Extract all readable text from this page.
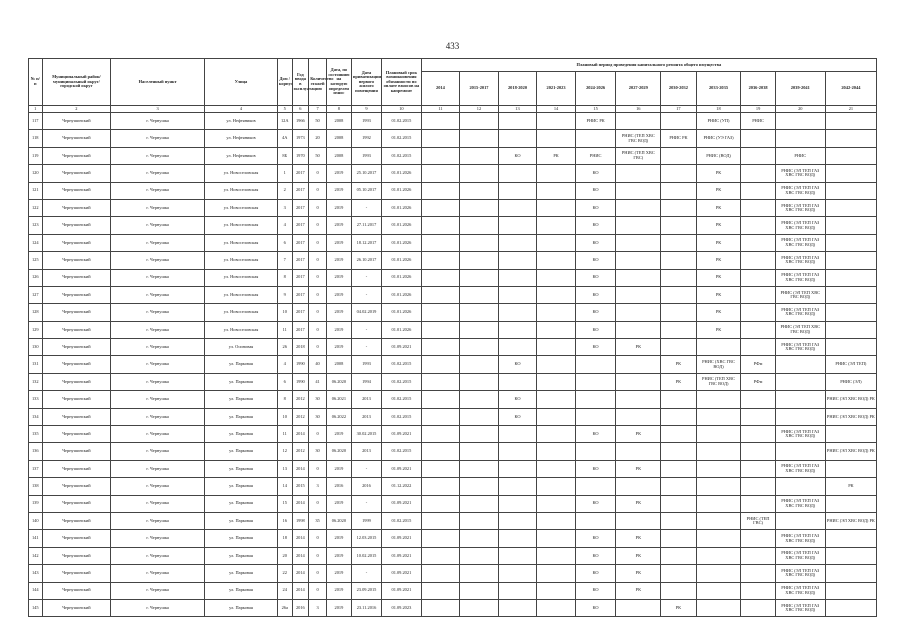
433
№ п/п	Муниципальный район/ муниципальный округ/городской округ	Населенный пункт	Улица	Дом / корпус	Год ввода в эксплуатацию	Количество этажей	Дата, по состоянию на которую определен износ	Дата приватизации первого жилого помещения	Плановый срок возникновения обязанности по оплате взносов на капремонт	Плановый период проведения капитального ремонта общего имущества										
										2014	2015-2017	2018-2020	2021-2023	2024-2026	2027-2029	2030-2032	2033-2035	2036-2038	2039-2041	2042-2044
1	2	3	4	5	6	7	8	9	10	11	12	13	14	15	16	17	18	19	20	21
117	Чернушинский	г. Чернушка	ул. Нефтяников	12А	1966	50	2008	1993	01.02.2015					РНИС РК			РНИС (УП)	РНИС		
118	Чернушинский	г. Чернушка	ул. Нефтяников	4А	1973	20	2008	1992	01.02.2015						РНИС (ТЕП ХВС ГВС ВОД)	РНИС РК	РНИС (УЭ ГАЗ)			
119	Чернушинский	г. Чернушка	ул. Нефтяников	8Б	1970	50	2008	1993	01.02.2015			КО	РК	РНИС	РНИС (ТЕП ХВС ГВС)		РНИС (ВОД)		РНИС	
120	Чернушинский	г. Чернушка	ул. Новоселовская	1	2017	0	2019	25.10.2017	01.01.2026					КО			РК		РНИС (ЭЛ ТЕП ГАЗ ХВС ГВС ВОД)	
121	Чернушинский	г. Чернушка	ул. Новоселовская	2	2017	0	2019	05.10.2017	01.01.2026					КО			РК		РНИС (ЭЛ ТЕП ГАЗ ХВС ГВС ВОД)	
122	Чернушинский	г. Чернушка	ул. Новоселовская	3	2017	0	2019	-	01.01.2026					КО			РК		РНИС (ЭЛ ТЕП ГАЗ ХВС ГВС ВОД)	
123	Чернушинский	г. Чернушка	ул. Новоселовская	4	2017	0	2019	27.11.2017	01.01.2026					КО			РК		РНИС (ЭЛ ТЕП ГАЗ ХВС ГВС ВОД)	
124	Чернушинский	г. Чернушка	ул. Новоселовская	6	2017	0	2019	18.12.2017	01.01.2026					КО			РК		РНИС (ЭЛ ТЕП ГАЗ ХВС ГВС ВОД)	
125	Чернушинский	г. Чернушка	ул. Новоселовская	7	2017	0	2019	26.10.2017	01.01.2026					КО			РК		РНИС (ЭЛ ТЕП ГАЗ ХВС ГВС ВОД)	
126	Чернушинский	г. Чернушка	ул. Новоселовская	8	2017	0	2019	-	01.01.2026					КО			РК		РНИС (ЭЛ ТЕП ГАЗ ХВС ГВС ВОД)	
127	Чернушинский	г. Чернушка	ул. Новоселовская	9	2017	0	2019	-	01.01.2026					КО			РК		РНИС (ЭЛ ТЕП ХВС ГВС ВОД)	
128	Чернушинский	г. Чернушка	ул. Новоселовская	10	2017	0	2019	04.02.2019	01.01.2026					КО			РК		РНИС (ЭЛ ТЕП ГАЗ ХВС ГВС ВОД)	
129	Чернушинский	г. Чернушка	ул. Новоселовская	11	2017	0	2019	-	01.01.2026					КО			РК		РНИС (ЭЛ ТЕП ХВС ГВС ВОД)	
130	Чернушинский	г. Чернушка	ул. Осиновая	26	2018	0	2019	-	01.09.2021					КО	РК				РНИС (ЭЛ ТЕП ГАЗ ХВС ГВС ВОД)	
131	Чернушинский	г. Чернушка	ул. Парковая	4	1990	40	2008	1993	01.02.2015			КО				РК	РНИС (ХВС ГВС ВОД)	РФм		РНИС (ЭЛ ТЕП)
132	Чернушинский	г. Чернушка	ул. Парковая	6	1990	41	06.2020	1994	01.02.2015							РК	РНИС (ТЕП ХВС ГВС ВОД)	РФм		РНИС (ЭЛ)
133	Чернушинский	г. Чернушка	ул. Парковая	8	2012	30	06.2021	2013	01.02.2015			КО								РНИС (ЭЛ ХВС ВОД) РК
134	Чернушинский	г. Чернушка	ул. Парковая	10	2012	30	06.2022	2013	01.02.2015			КО								РНИС (ЭЛ ХВС ВОД) РК
135	Чернушинский	г. Чернушка	ул. Парковая	11	2014	0	2019	30.02.2015	01.09.2021					КО	РК				РНИС (ЭЛ ТЕП ГАЗ ХВС ГВС ВОД)	
136	Чернушинский	г. Чернушка	ул. Парковая	12	2012	30	06.2020	2013	01.02.2015											РНИС (ЭЛ ХВС ВОД) РК
137	Чернушинский	г. Чернушка	ул. Парковая	13	2014	0	2019	-	01.09.2021					КО	РК				РНИС (ЭЛ ТЕП ГАЗ ХВС ГВС ВОД)	
138	Чернушинский	г. Чернушка	ул. Парковая	14	2015	3	2016	2016	01.12.2022											РК
139	Чернушинский	г. Чернушка	ул. Парковая	15	2014	0	2019	-	01.09.2021					КО	РК				РНИС (ЭЛ ТЕП ГАЗ ХВС ГВС ВОД)	
140	Чернушинский	г. Чернушка	ул. Парковая	16	1998	35	06.2020	1999	01.02.2015									РНИС (ТЕП ГВС)		РНИС (ЭЛ ХВС ВОД) РК
141	Чернушинский	г. Чернушка	ул. Парковая	18	2014	0	2019	12.03.2015	01.09.2021					КО	РК				РНИС (ЭЛ ТЕП ГАЗ ХВС ГВС ВОД)	
142	Чернушинский	г. Чернушка	ул. Парковая	20	2014	0	2019	10.02.2015	01.09.2021					КО	РК				РНИС (ЭЛ ТЕП ГАЗ ХВС ГВС ВОД)	
143	Чернушинский	г. Чернушка	ул. Парковая	22	2014	0	2019	-	01.09.2021					КО	РК				РНИС (ЭЛ ТЕП ГАЗ ХВС ГВС ВОД)	
144	Чернушинский	г. Чернушка	ул. Парковая	24	2014	0	2019	23.09.2015	01.09.2021					КО	РК				РНИС (ЭЛ ТЕП ГАЗ ХВС ГВС ВОД)	
145	Чернушинский	г. Чернушка	ул. Парковая	26а	2016	3	2019	23.11.2016	01.09.2023					КО		РК			РНИС (ЭЛ ТЕП ГАЗ ХВС ГВС ВОД)	
